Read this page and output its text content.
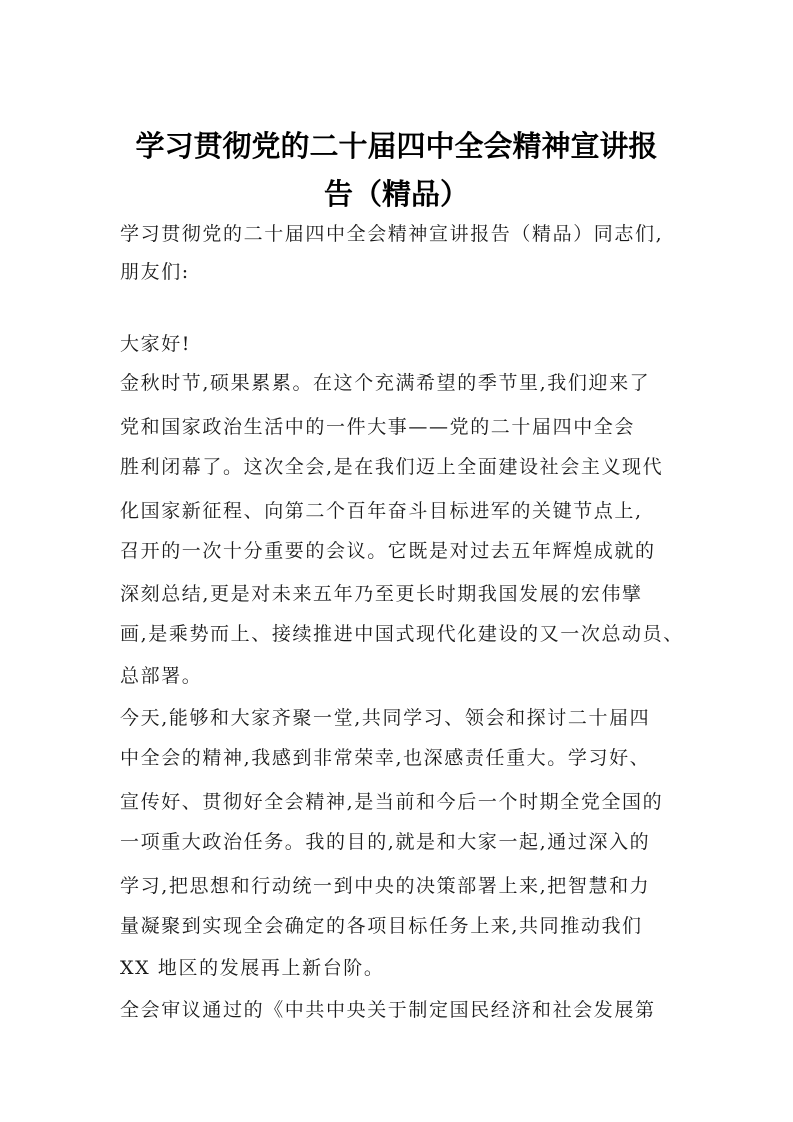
学习贯彻党的二十届四中全会精神宣讲报
告（精品）

学习贯彻党的二十届四中全会精神宣讲报告（精品）同志们,

朋友们:

大家好!

金秋时节,硕果累累。在这个充满希望的季节里,我们迎来了

党和国家政治生活中的一件大事——党的二十届四中全会

胜利闭幕了。这次全会,是在我们迈上全面建设社会主义现代

化国家新征程、向第二个百年奋斗目标进军的关键节点上,

召开的一次十分重要的会议。它既是对过去五年辉煌成就的

深刻总结,更是对未来五年乃至更长时期我国发展的宏伟擘

画,是乘势而上、接续推进中国式现代化建设的又一次总动员、

总部署。

今天,能够和大家齐聚一堂,共同学习、领会和探讨二十届四

中全会的精神,我感到非常荣幸,也深感责任重大。学习好、

宣传好、贯彻好全会精神,是当前和今后一个时期全党全国的

一项重大政治任务。我的目的,就是和大家一起,通过深入的

学习,把思想和行动统一到中央的决策部署上来,把智慧和力

量凝聚到实现全会确定的各项目标任务上来,共同推动我们

XX 地区的发展再上新台阶。

全会审议通过的《中共中央关于制定国民经济和社会发展第
